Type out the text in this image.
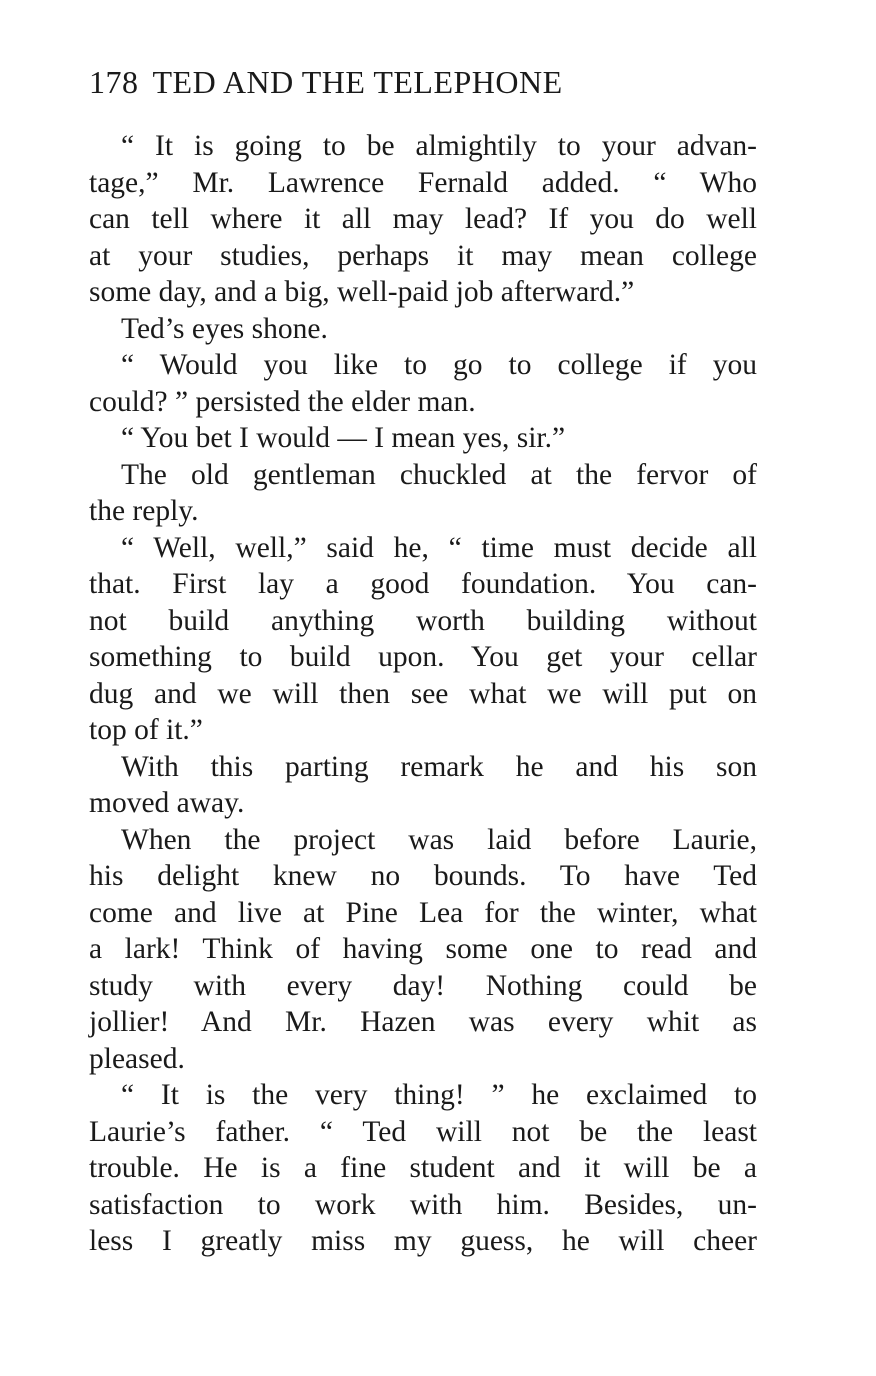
178 TED AND THE TELEPHONE
“ It is going to be almightily to your advan-
tage,” Mr. Lawrence Fernald added. “ Who
can tell where it all may lead? If you do well
at your studies, perhaps it may mean college
some day, and a big, well-paid job afterward.”
Ted’s eyes shone.
“ Would you like to go to college if you
could? ” persisted the elder man.
“ You bet I would — I mean yes, sir.”
The old gentleman chuckled at the fervor of
the reply.
“ Well, well,” said he, “ time must decide all
that. First lay a good foundation. You can-
not build anything worth building without
something to build upon. You get your cellar
dug and we will then see what we will put on
top of it.”
With this parting remark he and his son
moved away.
When the project was laid before Laurie,
his delight knew no bounds. To have Ted
come and live at Pine Lea for the winter, what
a lark! Think of having some one to read and
study with every day! Nothing could be
jollier! And Mr. Hazen was every whit as
pleased.
“ It is the very thing! ” he exclaimed to
Laurie’s father. “ Ted will not be the least
trouble. He is a fine student and it will be a
satisfaction to work with him. Besides, un-
less I greatly miss my guess, he will cheer
